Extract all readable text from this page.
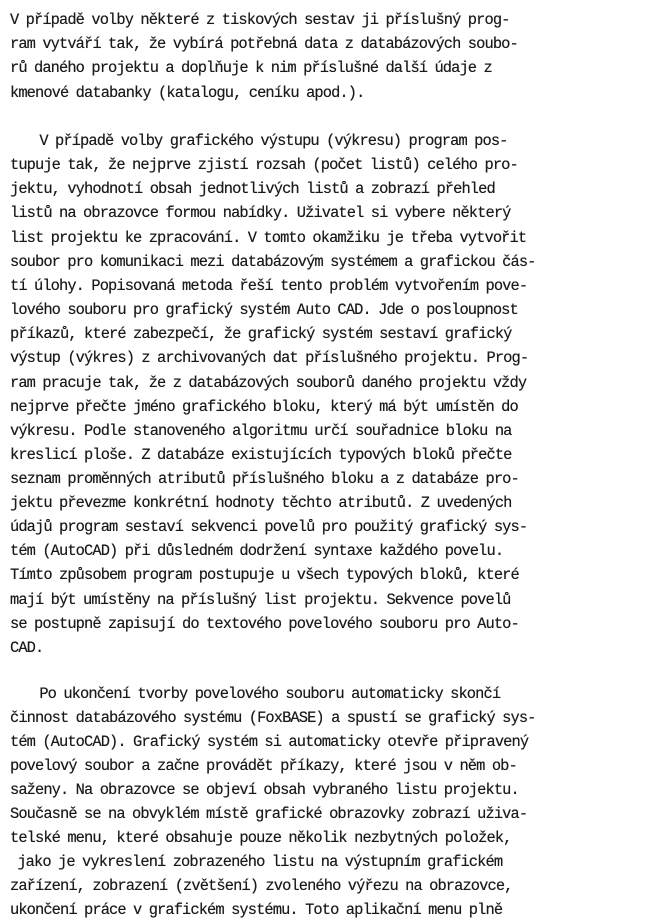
V případě volby některé z tiskových sestav ji příslušný prog-
ram vytváří tak, že vybírá potřebná data z databázových soubo-
rů daného projektu a doplňuje k nim příslušné další údaje z
kmenové databanky (katalogu, ceníku apod.).
V případě volby grafického výstupu (výkresu) program pos-
tupuje tak, že nejprve zjistí rozsah (počet listů) celého pro-
jektu, vyhodnotí obsah jednotlivých listů a zobrazí přehled
listů na obrazovce formou nabídky. Uživatel si vybere některý
list projektu ke zpracování. V tomto okamžiku je třeba vytvořit
soubor pro komunikaci mezi databázovým systémem a grafickou čás-
tí úlohy. Popisovaná metoda řeší tento problém vytvořením pove-
lového souboru pro grafický systém Auto CAD. Jde o posloupnost
příkazů, které zabezpečí, že grafický systém sestaví grafický
výstup (výkres) z archivovaných dat příslušného projektu. Prog-
ram pracuje tak, že z databázových souborů daného projektu vždy
nejprve přečte jméno grafického bloku, který má být umístěn do
výkresu. Podle stanoveného algoritmu určí souřadnice bloku na
kreslicí ploše. Z databáze existujících typových bloků přečte
seznam proměnných atributů příslušného bloku a z databáze pro-
jektu převezme konkrétní hodnoty těchto atributů. Z uvedených
údajů program sestaví sekvenci povelů pro použitý grafický sys-
tém (AutoCAD) při důsledném dodržení syntaxe každého povelu.
Tímto způsobem program postupuje u všech typových bloků, které
mají být umístěny na příslušný list projektu. Sekvence povelů
se postupně zapisují do textového povelového souboru pro Auto-
CAD.
Po ukončení tvorby povelového souboru automaticky skončí
činnost databázového systému (FoxBASE) a spustí se grafický sys-
tém (AutoCAD). Grafický systém si automaticky otevře připravený
povelový soubor a začne provádět příkazy, které jsou v něm ob-
saženy. Na obrazovce se objeví obsah vybraného listu projektu.
Současně se na obvyklém místě grafické obrazovky zobrazí uživa-
telské menu, které obsahuje pouze několik nezbytných položek,
jako je vykreslení zobrazeného listu na výstupním grafickém
zařízení, zobrazení (zvětšení) zvoleného výřezu na obrazovce,
ukončení práce v grafickém systému. Toto aplikační menu plně
